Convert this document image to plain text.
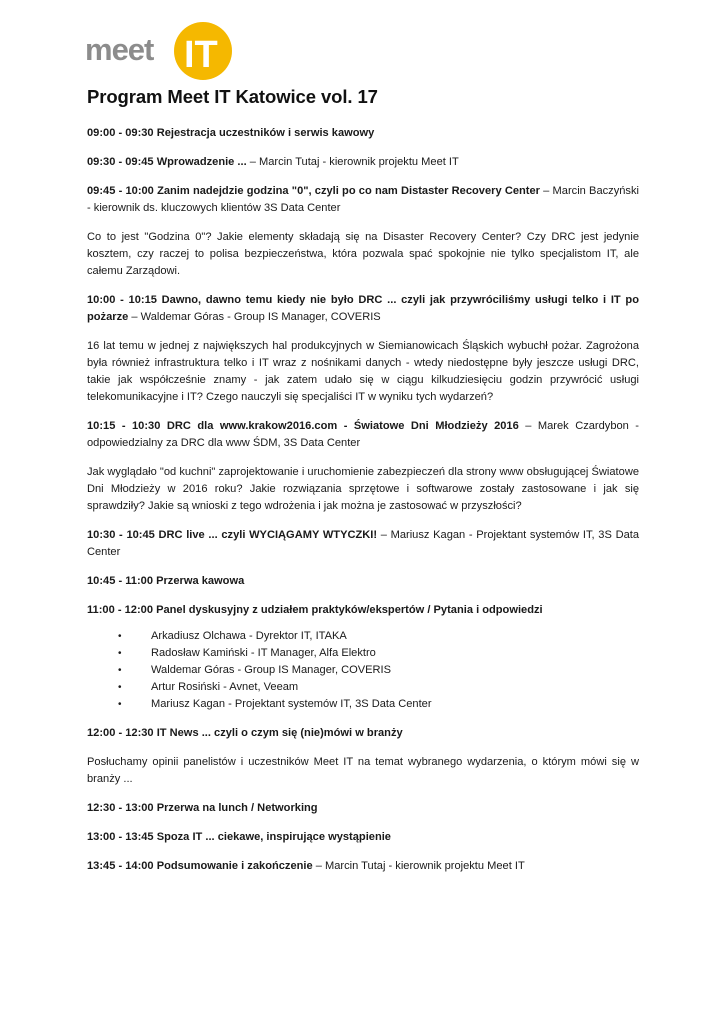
meet IT
Program Meet IT Katowice vol. 17

09:00 - 09:30 Rejestracja uczestników i serwis kawowy

09:30 - 09:45 Wprowadzenie ... – Marcin Tutaj - kierownik projektu Meet IT

09:45 - 10:00 Zanim nadejdzie godzina "0", czyli po co nam Distaster Recovery Center – Marcin Baczyński - kierownik ds. kluczowych klientów 3S Data Center

Co to jest "Godzina 0"? Jakie elementy składają się na Disaster Recovery Center? Czy DRC jest jedynie kosztem, czy raczej to polisa bezpieczeństwa, która pozwala spać spokojnie nie tylko specjalistom IT, ale całemu Zarządowi.

10:00 - 10:15 Dawno, dawno temu kiedy nie było DRC ... czyli jak przywróciliśmy usługi telko i IT po pożarze – Waldemar Góras - Group IS Manager, COVERIS

16 lat temu w jednej z największych hal produkcyjnych w Siemianowicach Śląskich wybuchł pożar. Zagrożona była również infrastruktura telko i IT wraz z nośnikami danych - wtedy niedostępne były jeszcze usługi DRC, takie jak współcześnie znamy - jak zatem udało się w ciągu kilkudziesięciu godzin przywrócić usługi telekomunikacyjne i IT? Czego nauczyli się specjaliści IT w wyniku tych wydarzeń?

10:15 - 10:30 DRC dla www.krakow2016.com - Światowe Dni Młodzieży 2016 – Marek Czardybon - odpowiedzialny za DRC dla www ŚDM, 3S Data Center

Jak wyglądało "od kuchni" zaprojektowanie i uruchomienie zabezpieczeń dla strony www obsługującej Światowe Dni Młodzieży w 2016 roku? Jakie rozwiązania sprzętowe i softwarowe zostały zastosowane i jak się sprawdziły? Jakie są wnioski z tego wdrożenia i jak można je zastosować w przyszłości?

10:30 - 10:45 DRC live ... czyli WYCIĄGAMY WTYCZKI! – Mariusz Kagan - Projektant systemów IT, 3S Data Center

10:45 - 11:00 Przerwa kawowa

11:00 - 12:00 Panel dyskusyjny z udziałem praktyków/ekspertów / Pytania i odpowiedzi

•	Arkadiusz Olchawa - Dyrektor IT, ITAKA
•	Radosław Kamiński - IT Manager, Alfa Elektro
•	Waldemar Góras - Group IS Manager, COVERIS
•	Artur Rosiński - Avnet, Veeam
•	Mariusz Kagan - Projektant systemów IT, 3S Data Center

12:00 - 12:30 IT News ... czyli o czym się (nie)mówi w branży

Posłuchamy opinii panelistów i uczestników Meet IT na temat wybranego wydarzenia, o którym mówi się w branży ...

12:30 - 13:00 Przerwa na lunch / Networking

13:00 - 13:45 Spoza IT ... ciekawe, inspirujące wystąpienie

13:45 - 14:00 Podsumowanie i zakończenie – Marcin Tutaj - kierownik projektu Meet IT
